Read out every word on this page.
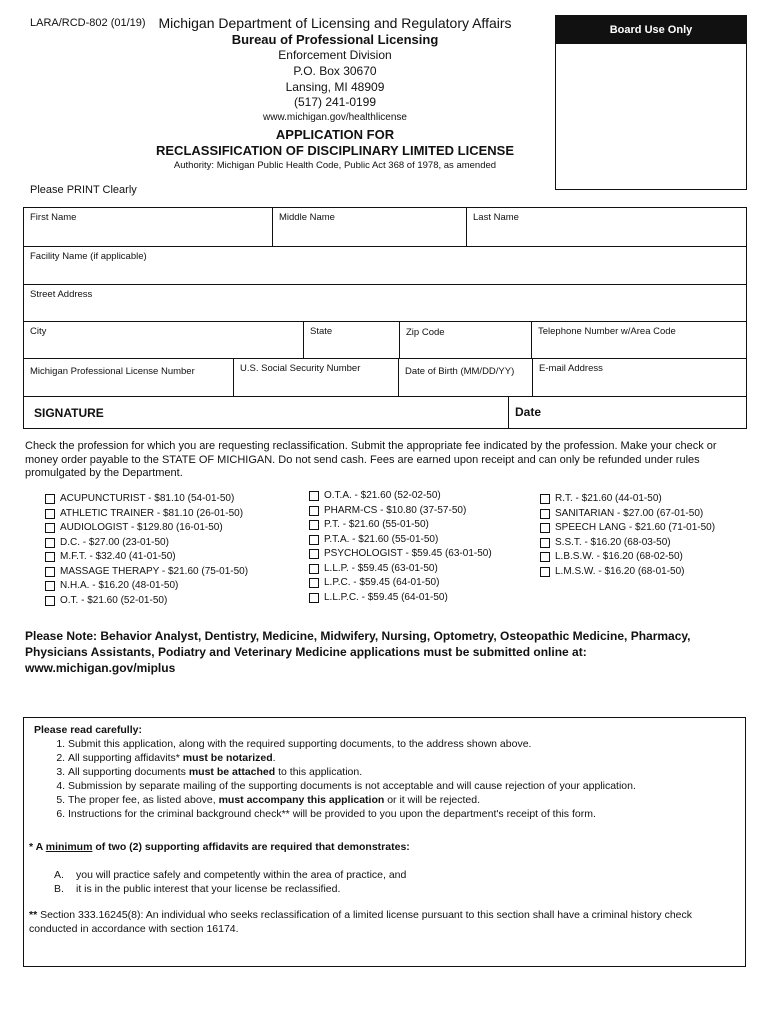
LARA/RCD-802 (01/19)
Board Use Only
Michigan Department of Licensing and Regulatory Affairs
Bureau of Professional Licensing
Enforcement Division
P.O. Box 30670
Lansing, MI 48909
(517) 241-0199
www.michigan.gov/healthlicense
APPLICATION FOR
RECLASSIFICATION OF DISCIPLINARY LIMITED LICENSE
Authority: Michigan Public Health Code, Public Act 368 of 1978, as amended
Please PRINT Clearly
First Name	Middle Name	Last Name
Facility Name (if applicable)
Street Address
City	State	Zip Code	Telephone Number w/Area Code
Michigan Professional License Number	U.S. Social Security Number	Date of Birth (MM/DD/YY)	E-mail Address
SIGNATURE	Date
Check the profession for which you are requesting reclassification. Submit the appropriate fee indicated by the profession. Make your check or money order payable to the STATE OF MICHIGAN. Do not send cash. Fees are earned upon receipt and can only be refunded under rules promulgated by the Department.
ACUPUNCTURIST - $81.10 (54-01-50)
ATHLETIC TRAINER - $81.10 (26-01-50)
AUDIOLOGIST - $129.80 (16-01-50)
D.C. - $27.00 (23-01-50)
M.F.T. - $32.40 (41-01-50)
MASSAGE THERAPY - $21.60 (75-01-50)
N.H.A. - $16.20 (48-01-50)
O.T. - $21.60 (52-01-50)
O.T.A. - $21.60 (52-02-50)
PHARM-CS - $10.80 (37-57-50)
P.T. - $21.60 (55-01-50)
P.T.A. - $21.60 (55-01-50)
PSYCHOLOGIST - $59.45 (63-01-50)
L.L.P. - $59.45 (63-01-50)
L.P.C. - $59.45 (64-01-50)
L.L.P.C. - $59.45 (64-01-50)
R.T. - $21.60 (44-01-50)
SANITARIAN - $27.00 (67-01-50)
SPEECH LANG - $21.60 (71-01-50)
S.S.T. - $16.20 (68-03-50)
L.B.S.W. - $16.20 (68-02-50)
L.M.S.W. - $16.20 (68-01-50)
Please Note: Behavior Analyst, Dentistry, Medicine, Midwifery, Nursing, Optometry, Osteopathic Medicine, Pharmacy, Physicians Assistants, Podiatry and Veterinary Medicine applications must be submitted online at: www.michigan.gov/miplus
Please read carefully:
1. Submit this application, along with the required supporting documents, to the address shown above.
2. All supporting affidavits* must be notarized.
3. All supporting documents must be attached to this application.
4. Submission by separate mailing of the supporting documents is not acceptable and will cause rejection of your application.
5. The proper fee, as listed above, must accompany this application or it will be rejected.
6. Instructions for the criminal background check** will be provided to you upon the department's receipt of this form.
* A minimum of two (2) supporting affidavits are required that demonstrates:
A.	you will practice safely and competently within the area of practice, and
B.	it is in the public interest that your license be reclassified.
** Section 333.16245(8): An individual who seeks reclassification of a limited license pursuant to this section shall have a criminal history check conducted in accordance with section 16174.
